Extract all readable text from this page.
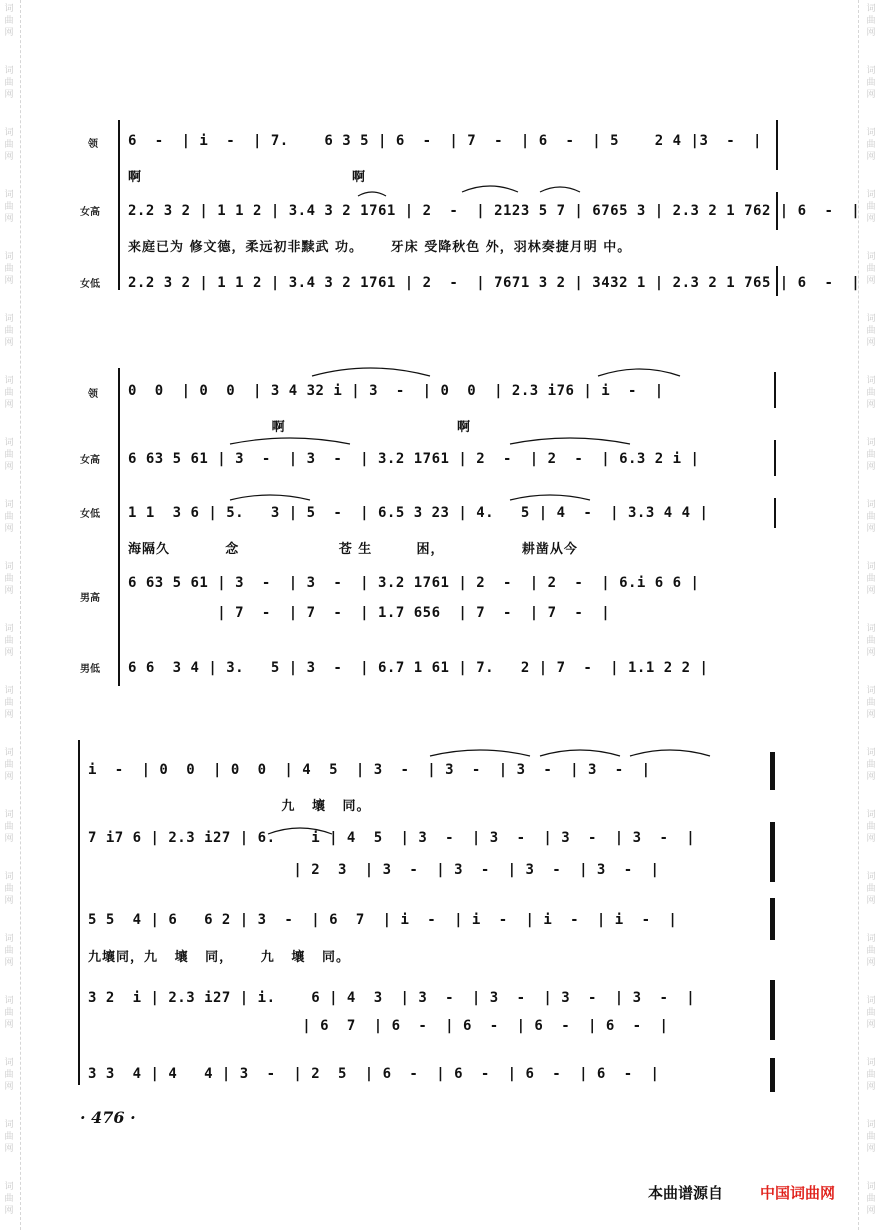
词
曲
网
词
曲
网
词
曲
网
词
曲
网
词
曲
网
词
曲
网
词
曲
网
词
曲
网
词
曲
网
词
曲
网
词
曲
网
词
曲
网
词
曲
网
词
曲
网
词
曲
网
词
曲
网
词
曲
网
词
曲
网
词
曲
网
词
曲
网
词
曲
网
词
曲
网
词
曲
网
词
曲
网
词
曲
网
词
曲
网
词
曲
网
词
曲
网
词
曲
网
词
曲
网
词
曲
网
词
曲
网
词
曲
网
词
曲
网
词
曲
网
词
曲
网
词
曲
网
词
曲
网
词
曲
网
词
曲
网
领 6  -  | i  -  | 7.    6 3 5 | 6  -  | 7  -  | 6  -  | 5    2 4 |3  -  |
啊                                      啊
女高 2.2 3 2 | 1 1 2 | 3.4 3 2 1761 | 2  -  | 2123 5 7 | 6765 3 | 2.3 2 1 762 | 6  -  |
来庭已为 修文德，柔远初非黩武 功。     牙床 受降秋色 外，羽林奏捷月明 中。
女低 2.2 3 2 | 1 1 2 | 3.4 3 2 1761 | 2  -  | 7671 3 2 | 3432 1 | 2.3 2 1 765 | 6  -  |
领 0  0  | 0  0  | 3 4 32 i | 3  -  | 0  0  | 2.3 i76 | i  -  |
啊                               啊
女高 6 63 5 61 | 3  -  | 3  -  | 3.2 1761 | 2  -  | 2  -  | 6.3 2 i |
女低 1 1  3 6 | 5.   3 | 5  -  | 6.5 3 23 | 4.   5 | 4  -  | 3.3 4 4 |
海隔久          念                  苍 生        困，              耕凿从今
男高
6 63 5 61 | 3  -  | 3  -  | 3.2 1761 | 2  -  | 2  -  | 6.i 6 6 |
| 7  -  | 7  -  | 1.7 656  | 7  -  | 7  -  |
男低 6 6  3 4 | 3.   5 | 3  -  | 6.7 1 61 | 7.   2 | 7  -  | 1.1 2 2 |
i  -  | 0  0  | 0  0  | 4  5  | 3  -  | 3  -  | 3  -  | 3  -  |
九   壤   同。
7 i7 6 | 2.3 i27 | 6.    i | 4  5  | 3  -  | 3  -  | 3  -  | 3  -  |
| 2  3  | 3  -  | 3  -  | 3  -  | 3  -  |
5 5  4 | 6   6 2 | 3  -  | 6  7  | i  -  | i  -  | i  -  | i  -  |
九壤同，九   壤   同，     九   壤   同。
3 2  i | 2.3 i27 | i.    6 | 4  3  | 3  -  | 3  -  | 3  -  | 3  -  |
| 6  7  | 6  -  | 6  -  | 6  -  | 6  -  |
3 3  4 | 4   4 | 3  -  | 2  5  | 6  -  | 6  -  | 6  -  | 6  -  |
· 476 ·
本曲谱源自 中国词曲网
